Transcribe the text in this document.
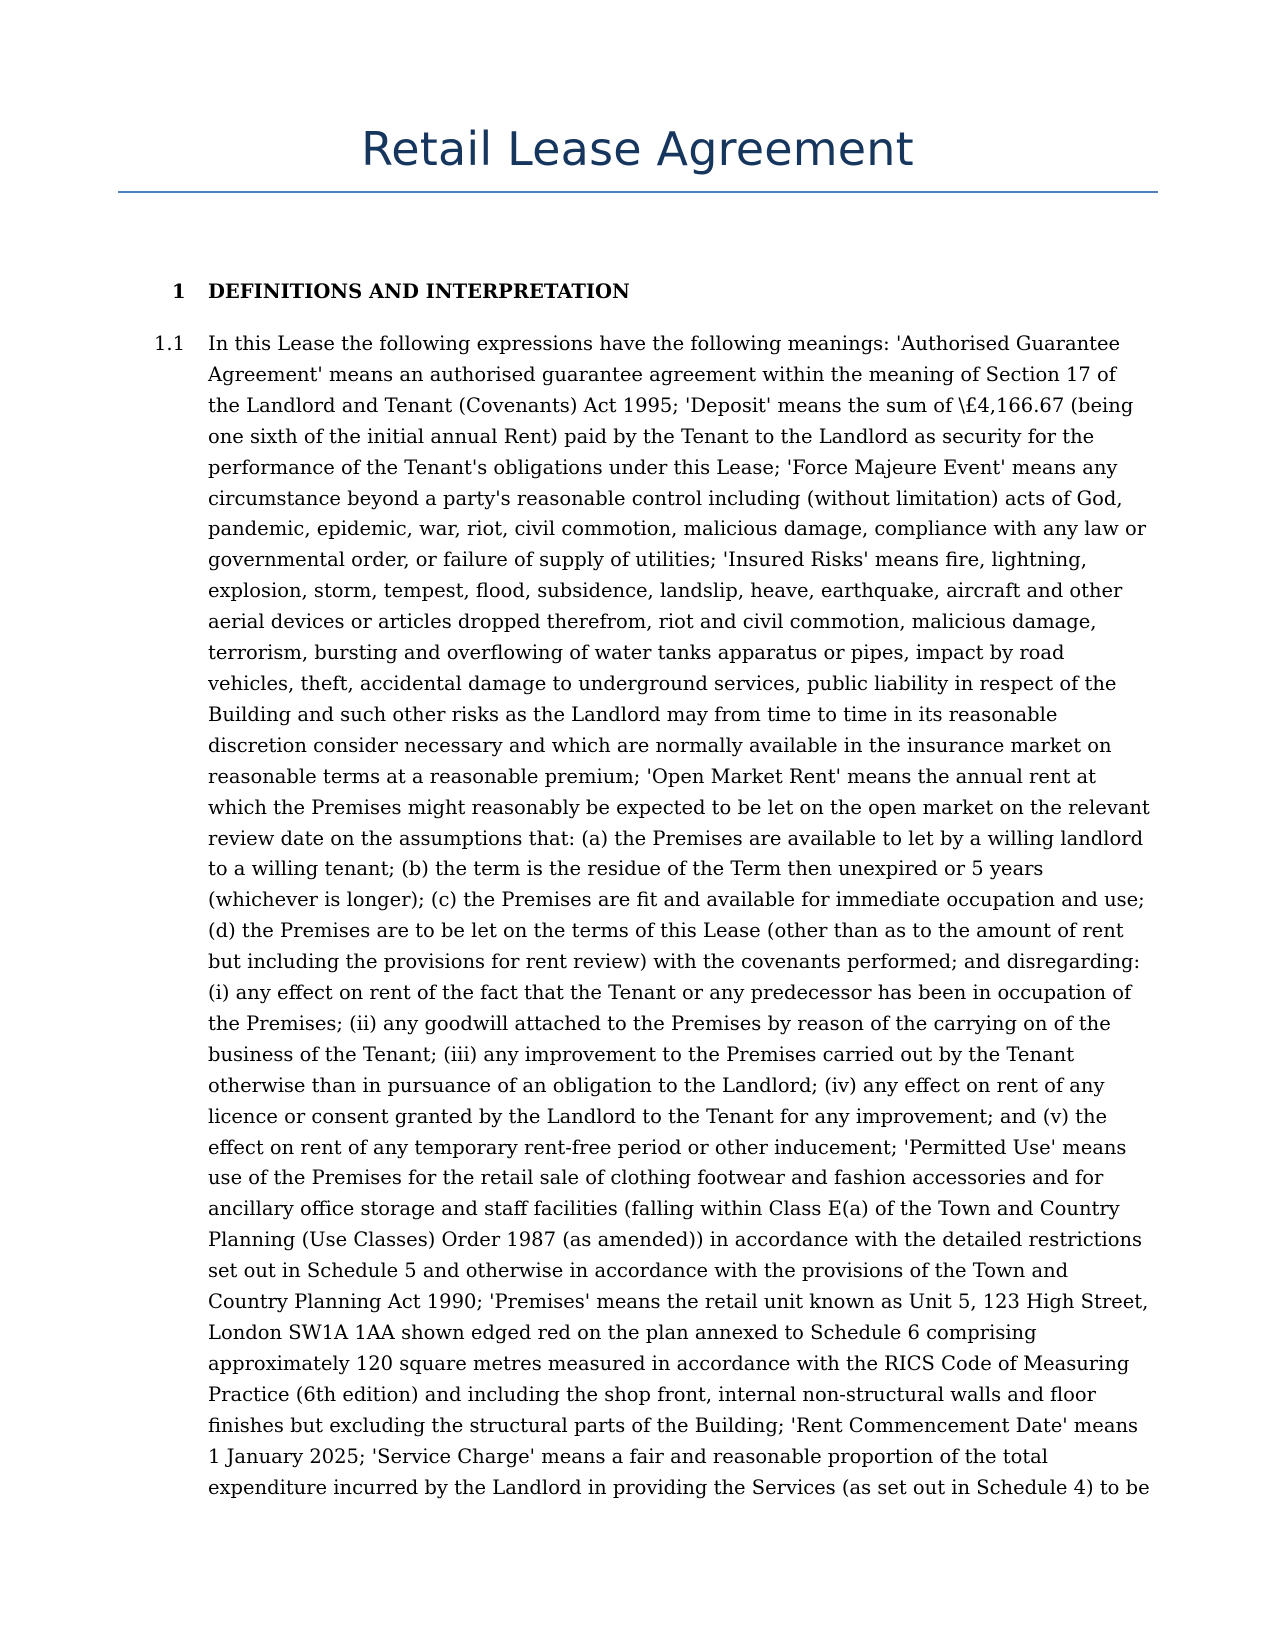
Retail Lease Agreement
1 DEFINITIONS AND INTERPRETATION
1.1 In this Lease the following expressions have the following meanings: 'Authorised Guarantee
Agreement' means an authorised guarantee agreement within the meaning of Section 17 of
the Landlord and Tenant (Covenants) Act 1995; 'Deposit' means the sum of \£4,166.67 (being
one sixth of the initial annual Rent) paid by the Tenant to the Landlord as security for the
performance of the Tenant's obligations under this Lease; 'Force Majeure Event' means any
circumstance beyond a party's reasonable control including (without limitation) acts of God,
pandemic, epidemic, war, riot, civil commotion, malicious damage, compliance with any law or
governmental order, or failure of supply of utilities; 'Insured Risks' means fire, lightning,
explosion, storm, tempest, flood, subsidence, landslip, heave, earthquake, aircraft and other
aerial devices or articles dropped therefrom, riot and civil commotion, malicious damage,
terrorism, bursting and overflowing of water tanks apparatus or pipes, impact by road
vehicles, theft, accidental damage to underground services, public liability in respect of the
Building and such other risks as the Landlord may from time to time in its reasonable
discretion consider necessary and which are normally available in the insurance market on
reasonable terms at a reasonable premium; 'Open Market Rent' means the annual rent at
which the Premises might reasonably be expected to be let on the open market on the relevant
review date on the assumptions that: (a) the Premises are available to let by a willing landlord
to a willing tenant; (b) the term is the residue of the Term then unexpired or 5 years
(whichever is longer); (c) the Premises are fit and available for immediate occupation and use;
(d) the Premises are to be let on the terms of this Lease (other than as to the amount of rent
but including the provisions for rent review) with the covenants performed; and disregarding:
(i) any effect on rent of the fact that the Tenant or any predecessor has been in occupation of
the Premises; (ii) any goodwill attached to the Premises by reason of the carrying on of the
business of the Tenant; (iii) any improvement to the Premises carried out by the Tenant
otherwise than in pursuance of an obligation to the Landlord; (iv) any effect on rent of any
licence or consent granted by the Landlord to the Tenant for any improvement; and (v) the
effect on rent of any temporary rent-free period or other inducement; 'Permitted Use' means
use of the Premises for the retail sale of clothing footwear and fashion accessories and for
ancillary office storage and staff facilities (falling within Class E(a) of the Town and Country
Planning (Use Classes) Order 1987 (as amended)) in accordance with the detailed restrictions
set out in Schedule 5 and otherwise in accordance with the provisions of the Town and
Country Planning Act 1990; 'Premises' means the retail unit known as Unit 5, 123 High Street,
London SW1A 1AA shown edged red on the plan annexed to Schedule 6 comprising
approximately 120 square metres measured in accordance with the RICS Code of Measuring
Practice (6th edition) and including the shop front, internal non-structural walls and floor
finishes but excluding the structural parts of the Building; 'Rent Commencement Date' means
1 January 2025; 'Service Charge' means a fair and reasonable proportion of the total
expenditure incurred by the Landlord in providing the Services (as set out in Schedule 4) to be
